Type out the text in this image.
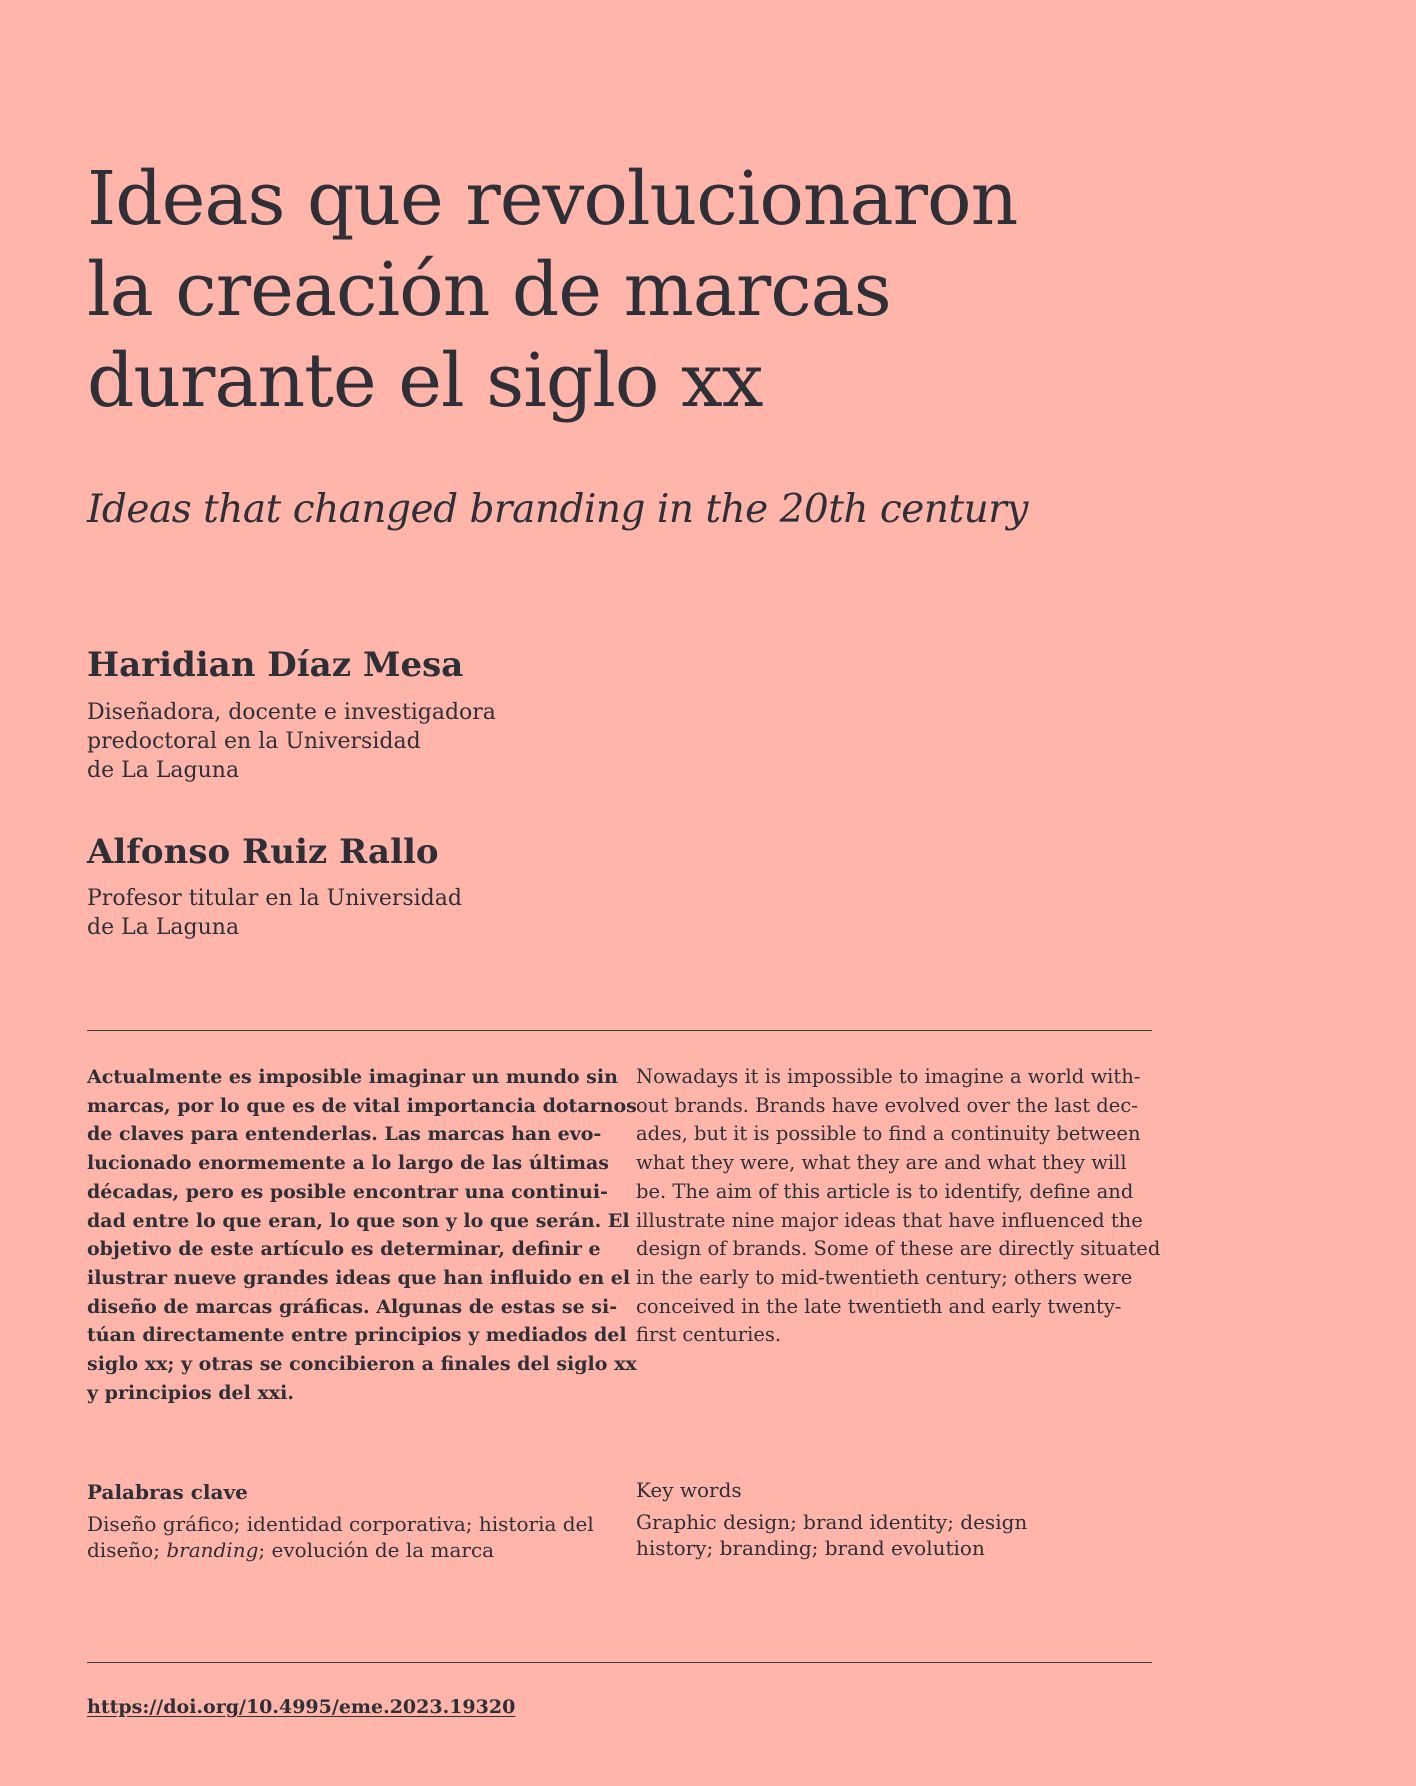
Ideas que revolucionaron
la creación de marcas
durante el siglo xx
Ideas that changed branding in the 20th century
Haridian Díaz Mesa

Diseñadora, docente e investigadora
predoctoral en la Universidad
de La Laguna

Alfonso Ruiz Rallo

Profesor titular en la Universidad
de La Laguna

Actualmente es imposible imaginar un mundo sin
marcas, por lo que es de vital importancia dotarnos
de claves para entenderlas. Las marcas han evo-
lucionado enormemente a lo largo de las últimas
décadas, pero es posible encontrar una continui-
dad entre lo que eran, lo que son y lo que serán. El
objetivo de este artículo es determinar, definir e
ilustrar nueve grandes ideas que han influido en el
diseño de marcas gráficas. Algunas de estas se si-
túan directamente entre principios y mediados del
siglo xx; y otras se concibieron a finales del siglo xx
y principios del xxi.
Nowadays it is impossible to imagine a world with-
out brands. Brands have evolved over the last dec-
ades, but it is possible to find a continuity between
what they were, what they are and what they will
be. The aim of this article is to identify, define and
illustrate nine major ideas that have influenced the
design of brands. Some of these are directly situated
in the early to mid-twentieth century; others were
conceived in the late twentieth and early twenty-
first centuries.
Palabras clave

Diseño gráfico; identidad corporativa; historia del
diseño; branding; evolución de la marca

Key words

Graphic design; brand identity; design
history; branding; brand evolution

https://doi.org/10.4995/eme.2023.19320
